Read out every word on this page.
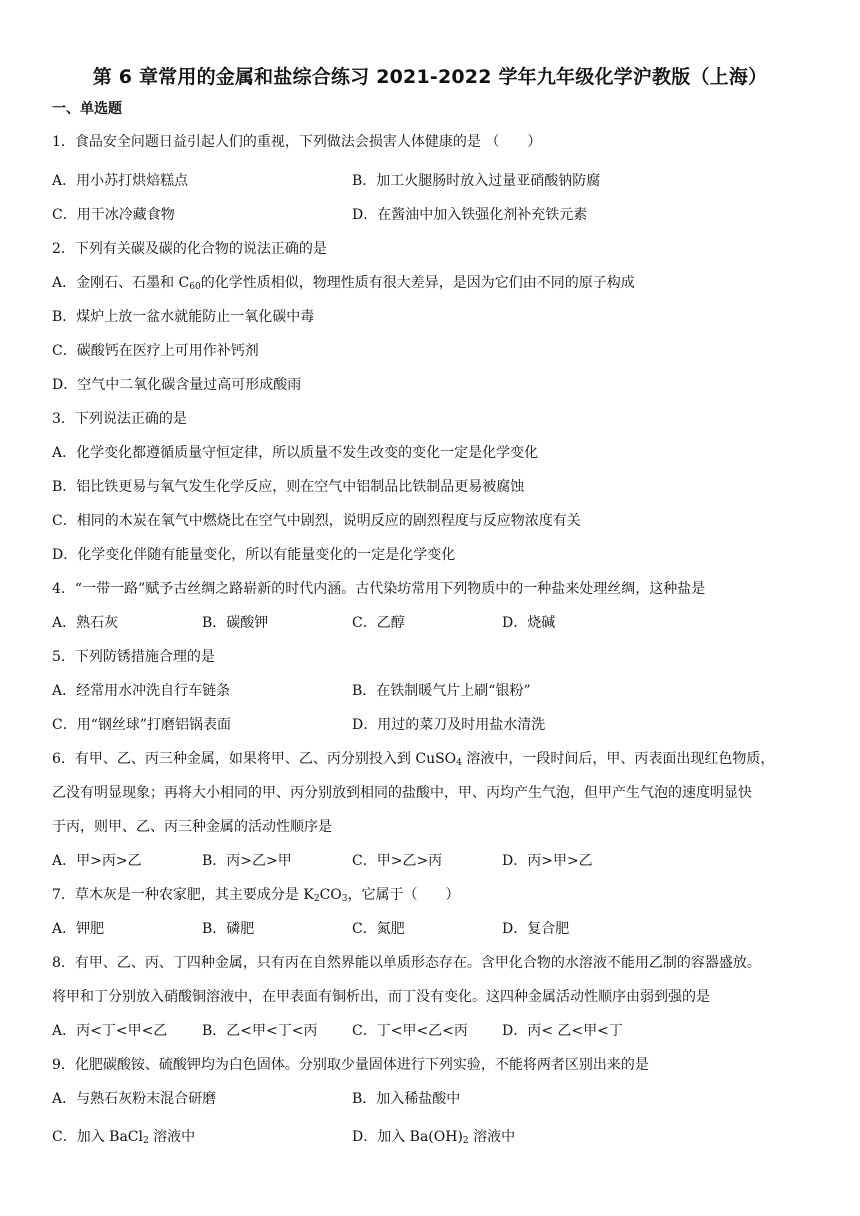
第 6 章常用的金属和盐综合练习 2021-2022 学年九年级化学沪教版（上海）
一、单选题
1．食品安全问题日益引起人们的重视，下列做法会损害人体健康的是 （　　）
A．用小苏打烘焙糕点	B．加工火腿肠时放入过量亚硝酸钠防腐
C．用干冰冷藏食物	D．在酱油中加入铁强化剂补充铁元素
2．下列有关碳及碳的化合物的说法正确的是
A．金刚石、石墨和 $C_{60}$的化学性质相似，物理性质有很大差异，是因为它们由不同的原子构成
B．煤炉上放一盆水就能防止一氧化碳中毒
C．碳酸钙在医疗上可用作补钙剂
D．空气中二氧化碳含量过高可形成酸雨
3．下列说法正确的是
A．化学变化都遵循质量守恒定律，所以质量不发生改变的变化一定是化学变化
B．铝比铁更易与氧气发生化学反应，则在空气中铝制品比铁制品更易被腐蚀
C．相同的木炭在氧气中燃烧比在空气中剧烈，说明反应的剧烈程度与反应物浓度有关
D．化学变化伴随有能量变化，所以有能量变化的一定是化学变化
4．“一带一路”赋予古丝绸之路崭新的时代内涵。古代染坊常用下列物质中的一种盐来处理丝绸，这种盐是
A．熟石灰	B．碳酸钾	C．乙醇	D．烧碱
5．下列防锈措施合理的是
A．经常用水冲洗自行车链条	B．在铁制暖气片上刷“银粉”
C．用“钢丝球”打磨铝锅表面	D．用过的菜刀及时用盐水清洗
6．有甲、乙、丙三种金属，如果将甲、乙、丙分别投入到 CuSO$_4$ 溶液中，一段时间后，甲、丙表面出现红色物质，
乙没有明显现象；再将大小相同的甲、丙分别放到相同的盐酸中，甲、丙均产生气泡，但甲产生气泡的速度明显快
于丙，则甲、乙、丙三种金属的活动性顺序是
A．甲>丙>乙	B．丙>乙>甲	C．甲>乙>丙	D．丙>甲>乙
7．草木灰是一种农家肥，其主要成分是 $K_2CO_3$，它属于（　　）
A．钾肥	B．磷肥	C．氮肥	D．复合肥
8．有甲、乙、丙、丁四种金属，只有丙在自然界能以单质形态存在。含甲化合物的水溶液不能用乙制的容器盛放。
将甲和丁分别放入硝酸铜溶液中，在甲表面有铜析出，而丁没有变化。这四种金属活动性顺序由弱到强的是
A．丙<丁<甲<乙 B．乙<甲<丁<丙 C．丁<甲<乙<丙 D．丙< 乙<甲<丁
9．化肥碳酸铵、硫酸钾均为白色固体。分别取少量固体进行下列实验，不能将两者区别出来的是
A．与熟石灰粉末混合研磨	B．加入稀盐酸中
C．加入 BaCl$_2$ 溶液中	D．加入 $Ba(OH)_2$ 溶液中
